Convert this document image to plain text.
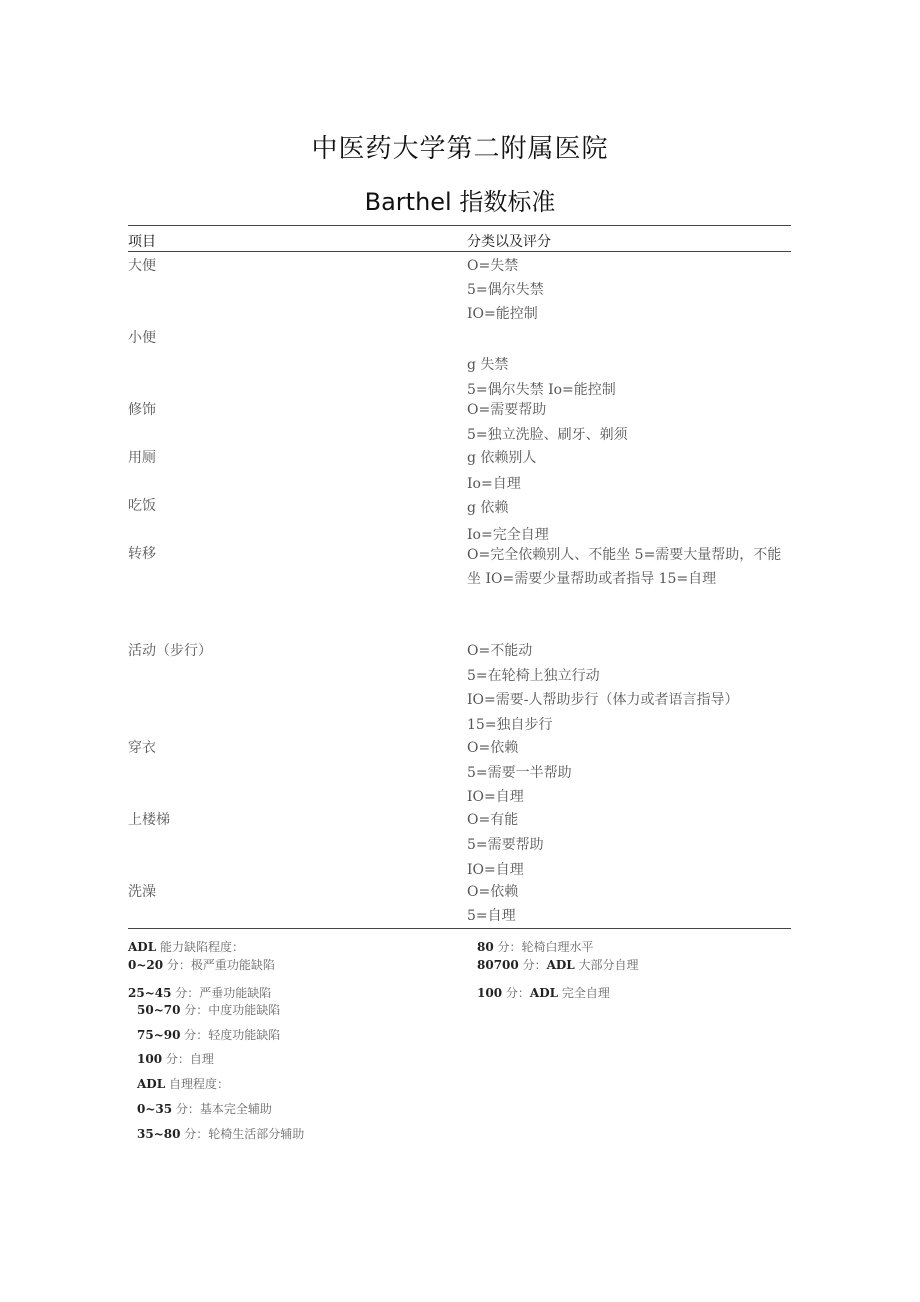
中医药大学第二附属医院
Barthel 指数标准
项目	分类以及评分
大便	O=失禁
5=偶尔失禁
IO=能控制
小便
g 失禁
5=偶尔失禁 Io=能控制
修饰	O=需要帮助
5=独立洗脸、刷牙、剃须
用厕	g 依赖别人
Io=自理
吃饭	g 依赖
Io=完全自理
转移	O=完全依赖别人、不能坐 5=需要大量帮助，不能坐 IO=需要少量帮助或者指导 15=自理
活动（步行）	O=不能动
5=在轮椅上独立行动
IO=需要-人帮助步行（体力或者语言指导）
15=独自步行
穿衣	O=依赖
5=需要一半帮助
IO=自理
上楼梯	O=有能
5=需要帮助
IO=自理
洗澡	O=依赖
5=自理
ADL 能力缺陷程度：
0~20 分：极严重功能缺陷
25~45 分：严垂功能缺陷
50~70 分：中度功能缺陷
75~90 分：轻度功能缺陷
100 分：自理
ADL 自理程度：
0~35 分：基本完全辅助
35~80 分：轮椅生活部分辅助
80 分：轮椅白理水平
80700 分：ADL 大部分自理
100 分：ADL 完全自理
